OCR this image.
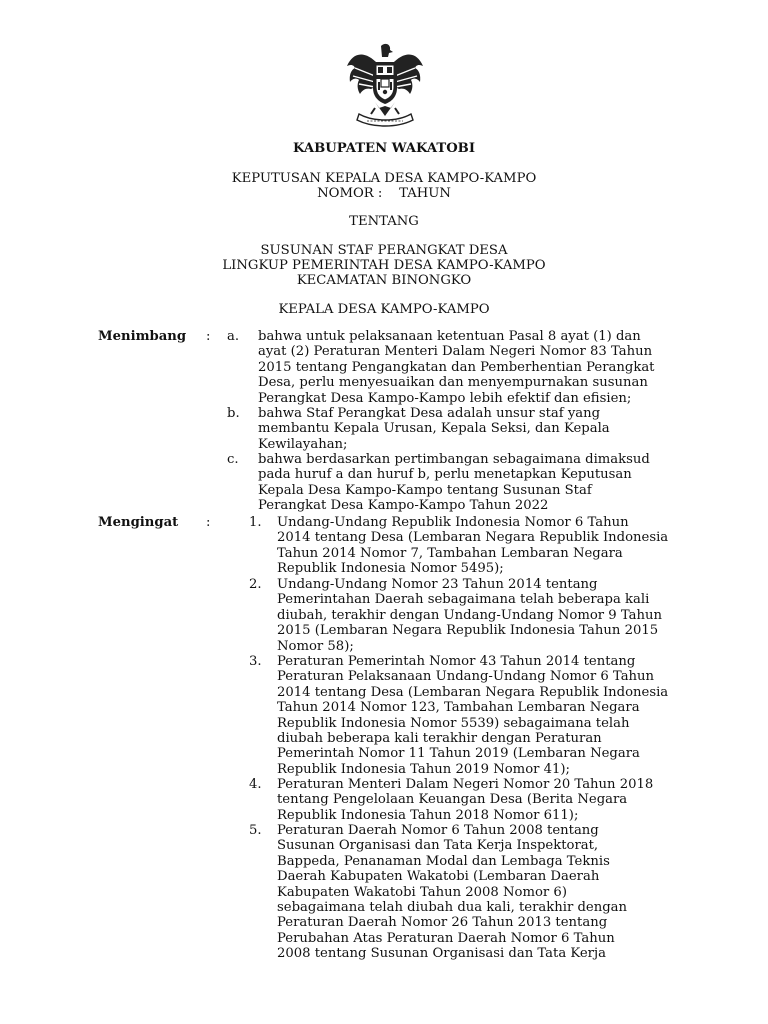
KABUPATEN WAKATOBI
KEPUTUSAN KEPALA DESA KAMPO-KAMPO
NOMOR :    TAHUN
TENTANG
SUSUNAN STAF PERANGKAT DESA
LINGKUP PEMERINTAH DESA KAMPO-KAMPO
KECAMATAN BINONGKO
KEPALA DESA KAMPO-KAMPO
Menimbang : a. bahwa untuk pelaksanaan ketentuan Pasal 8 ayat (1) dan
ayat (2) Peraturan Menteri Dalam Negeri Nomor 83 Tahun
2015 tentang Pengangkatan dan Pemberhentian Perangkat
Desa, perlu menyesuaikan dan menyempurnakan susunan
Perangkat Desa Kampo-Kampo lebih efektif dan efisien;
b. bahwa Staf Perangkat Desa adalah unsur staf yang
membantu Kepala Urusan, Kepala Seksi, dan Kepala
Kewilayahan;
c. bahwa berdasarkan pertimbangan sebagaimana dimaksud
pada huruf a dan huruf b, perlu menetapkan Keputusan
Kepala Desa Kampo-Kampo tentang Susunan Staf
Perangkat Desa Kampo-Kampo Tahun 2022
Mengingat :	1. Undang-Undang Republik Indonesia Nomor 6 Tahun
2014 tentang Desa (Lembaran Negara Republik Indonesia
Tahun 2014 Nomor 7, Tambahan Lembaran Negara
Republik Indonesia Nomor 5495);
2. Undang-Undang Nomor 23 Tahun 2014 tentang
Pemerintahan Daerah sebagaimana telah beberapa kali
diubah, terakhir dengan Undang-Undang Nomor 9 Tahun
2015 (Lembaran Negara Republik Indonesia Tahun 2015
Nomor 58);
3. Peraturan Pemerintah Nomor 43 Tahun 2014 tentang
Peraturan Pelaksanaan Undang-Undang Nomor 6 Tahun
2014 tentang Desa (Lembaran Negara Republik Indonesia
Tahun 2014 Nomor 123, Tambahan Lembaran Negara
Republik Indonesia Nomor 5539) sebagaimana telah
diubah beberapa kali terakhir dengan Peraturan
Pemerintah Nomor 11 Tahun 2019 (Lembaran Negara
Republik Indonesia Tahun 2019 Nomor 41);
4. Peraturan Menteri Dalam Negeri Nomor 20 Tahun 2018
tentang Pengelolaan Keuangan Desa (Berita Negara
Republik Indonesia Tahun 2018 Nomor 611);
5. Peraturan Daerah Nomor 6 Tahun 2008 tentang
Susunan Organisasi dan Tata Kerja Inspektorat,
Bappeda, Penanaman Modal dan Lembaga Teknis
Daerah Kabupaten Wakatobi (Lembaran Daerah
Kabupaten Wakatobi Tahun 2008 Nomor 6)
sebagaimana telah diubah dua kali, terakhir dengan
Peraturan Daerah Nomor 26 Tahun 2013 tentang
Perubahan Atas Peraturan Daerah Nomor 6 Tahun
2008 tentang Susunan Organisasi dan Tata Kerja
